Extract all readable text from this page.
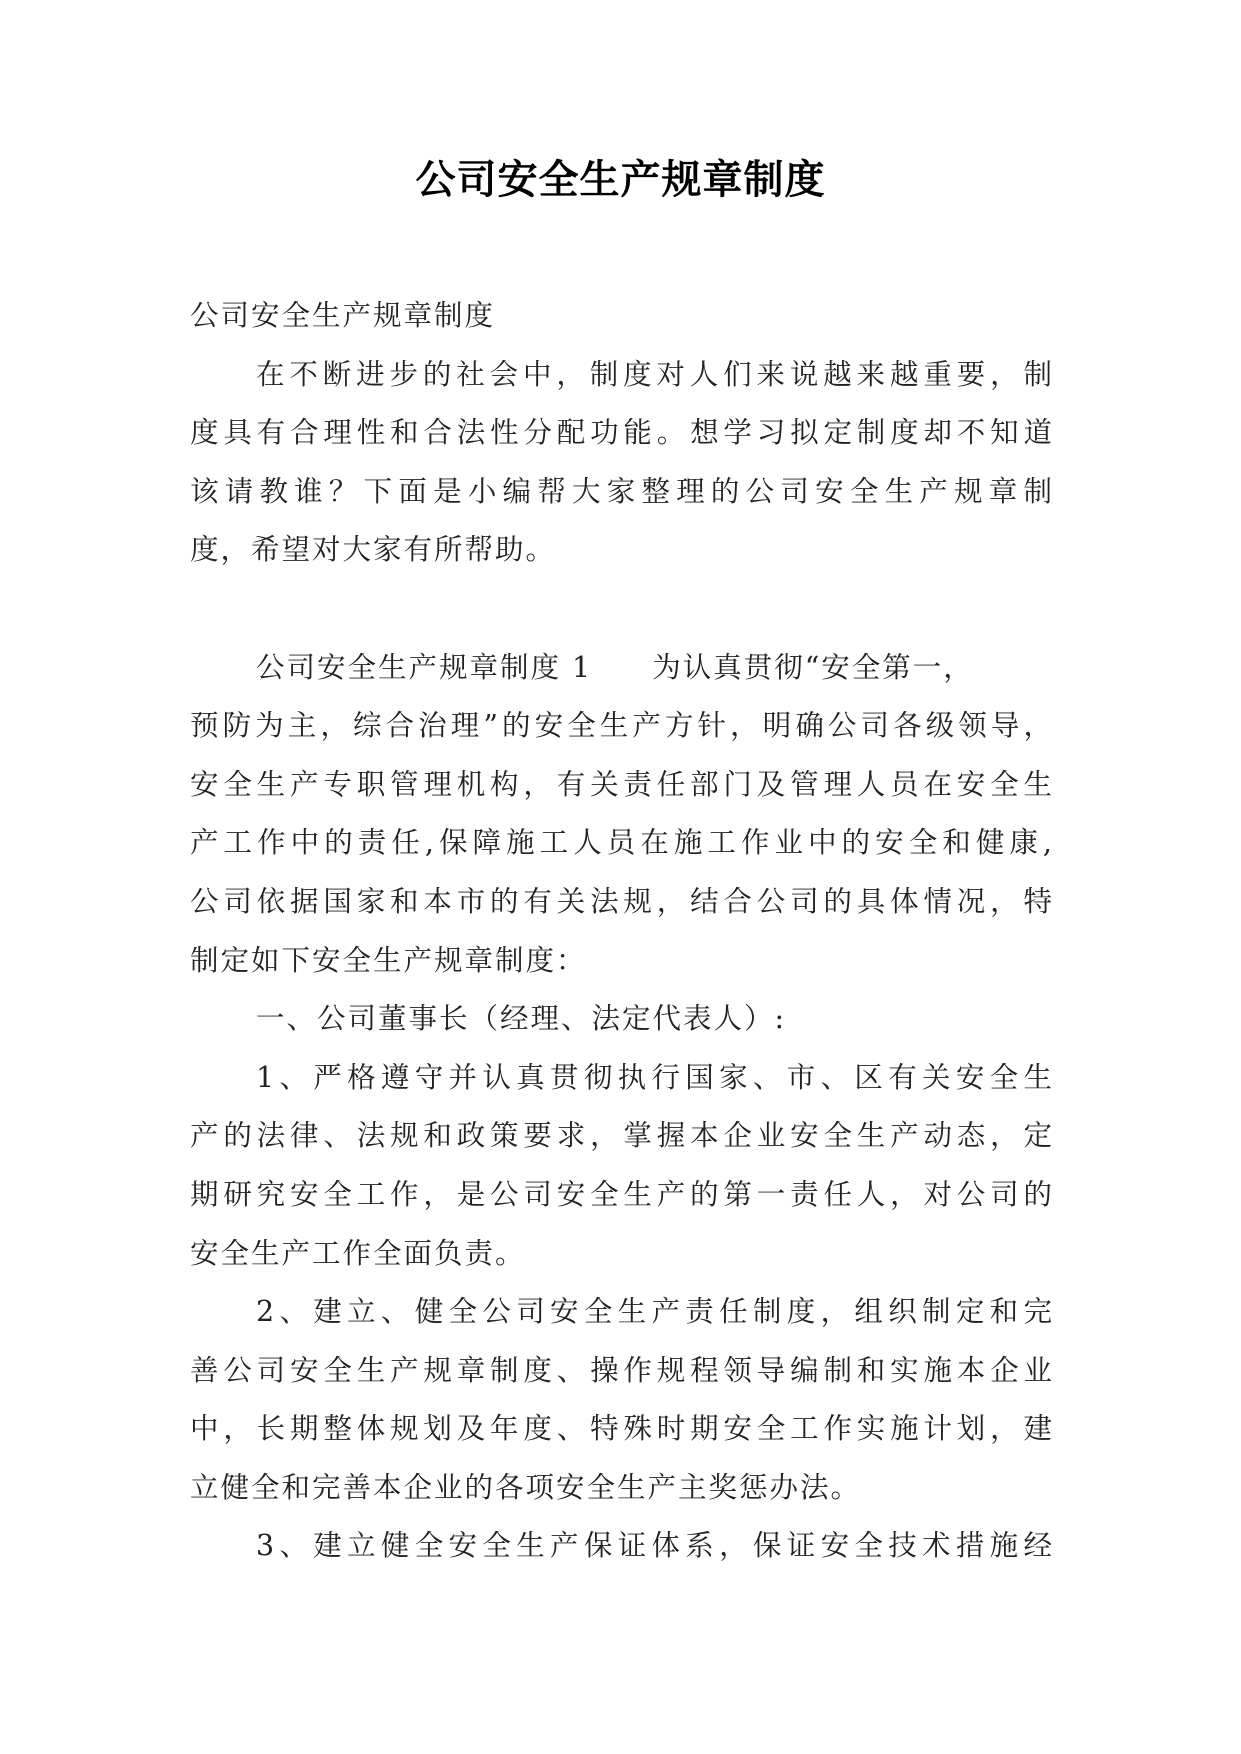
公司安全生产规章制度
公司安全生产规章制度
在不断进步的社会中，制度对人们来说越来越重要，制
度具有合理性和合法性分配功能。想学习拟定制度却不知道
该请教谁？下面是小编帮大家整理的公司安全生产规章制
度，希望对大家有所帮助。
公司安全生产规章制度 1 为认真贯彻“安全第一，
预防为主，综合治理”的安全生产方针，明确公司各级领导，
安全生产专职管理机构，有关责任部门及管理人员在安全生
产工作中的责任,保障施工人员在施工作业中的安全和健康,
公司依据国家和本市的有关法规，结合公司的具体情况，特
制定如下安全生产规章制度：
一、公司董事长（经理、法定代表人）:
1、严格遵守并认真贯彻执行国家、市、区有关安全生
产的法律、法规和政策要求，掌握本企业安全生产动态，定
期研究安全工作，是公司安全生产的第一责任人，对公司的
安全生产工作全面负责。
2、建立、健全公司安全生产责任制度，组织制定和完
善公司安全生产规章制度、操作规程领导编制和实施本企业
中，长期整体规划及年度、特殊时期安全工作实施计划，建
立健全和完善本企业的各项安全生产主奖惩办法。
3、建立健全安全生产保证体系，保证安全技术措施经
